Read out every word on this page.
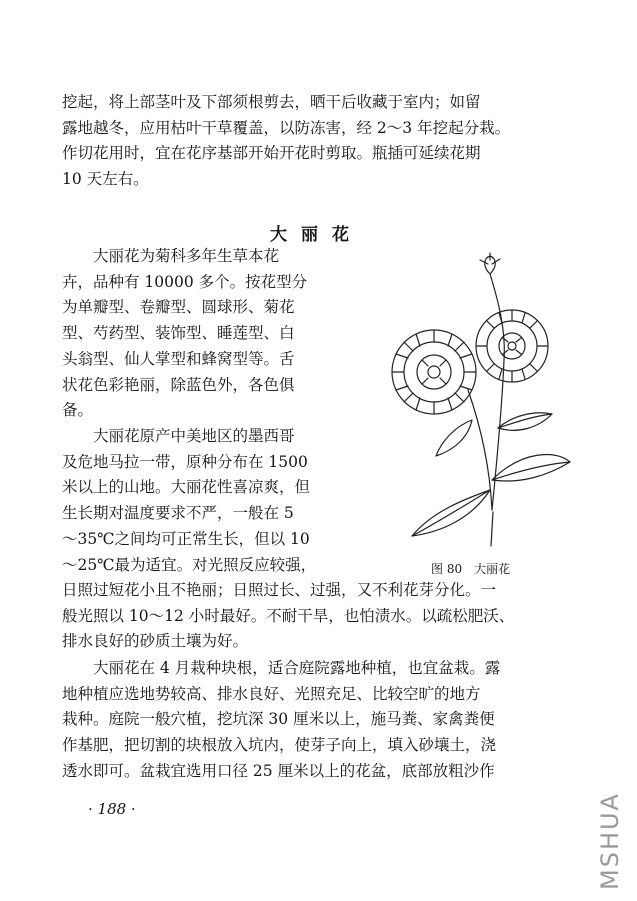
挖起，将上部茎叶及下部须根剪去，晒干后收藏于室内；如留
露地越冬，应用枯叶干草覆盖，以防冻害，经 2～3 年挖起分栽。
作切花用时，宜在花序基部开始开花时剪取。瓶插可延续花期
10 天左右。
大丽花
　　大丽花为菊科多年生草本花
卉，品种有 10000 多个。按花型分
为单瓣型、卷瓣型、圆球形、菊花
型、芍药型、装饰型、睡莲型、白
头翁型、仙人掌型和蜂窝型等。舌
状花色彩艳丽，除蓝色外，各色俱
备。
　　大丽花原产中美地区的墨西哥
及危地马拉一带，原种分布在 1500
米以上的山地。大丽花性喜凉爽，但
生长期对温度要求不严，一般在 5
～35℃之间均可正常生长，但以 10
～25℃最为适宜。对光照反应较强，
日照过短花小且不艳丽；日照过长、过强，又不利花芽分化。一
般光照以 10～12 小时最好。不耐干旱，也怕渍水。以疏松肥沃、
排水良好的砂质土壤为好。
　　大丽花在 4 月栽种块根，适合庭院露地种植，也宜盆栽。露
地种植应选地势较高、排水良好、光照充足、比较空旷的地方
栽种。庭院一般穴植，挖坑深 30 厘米以上，施马粪、家禽粪便
作基肥，把切割的块根放入坑内，使芽子向上，填入砂壤土，浇
透水即可。盆栽宜选用口径 25 厘米以上的花盆，底部放粗沙作

图 80　大丽花

· 188 ·	MSHUA
